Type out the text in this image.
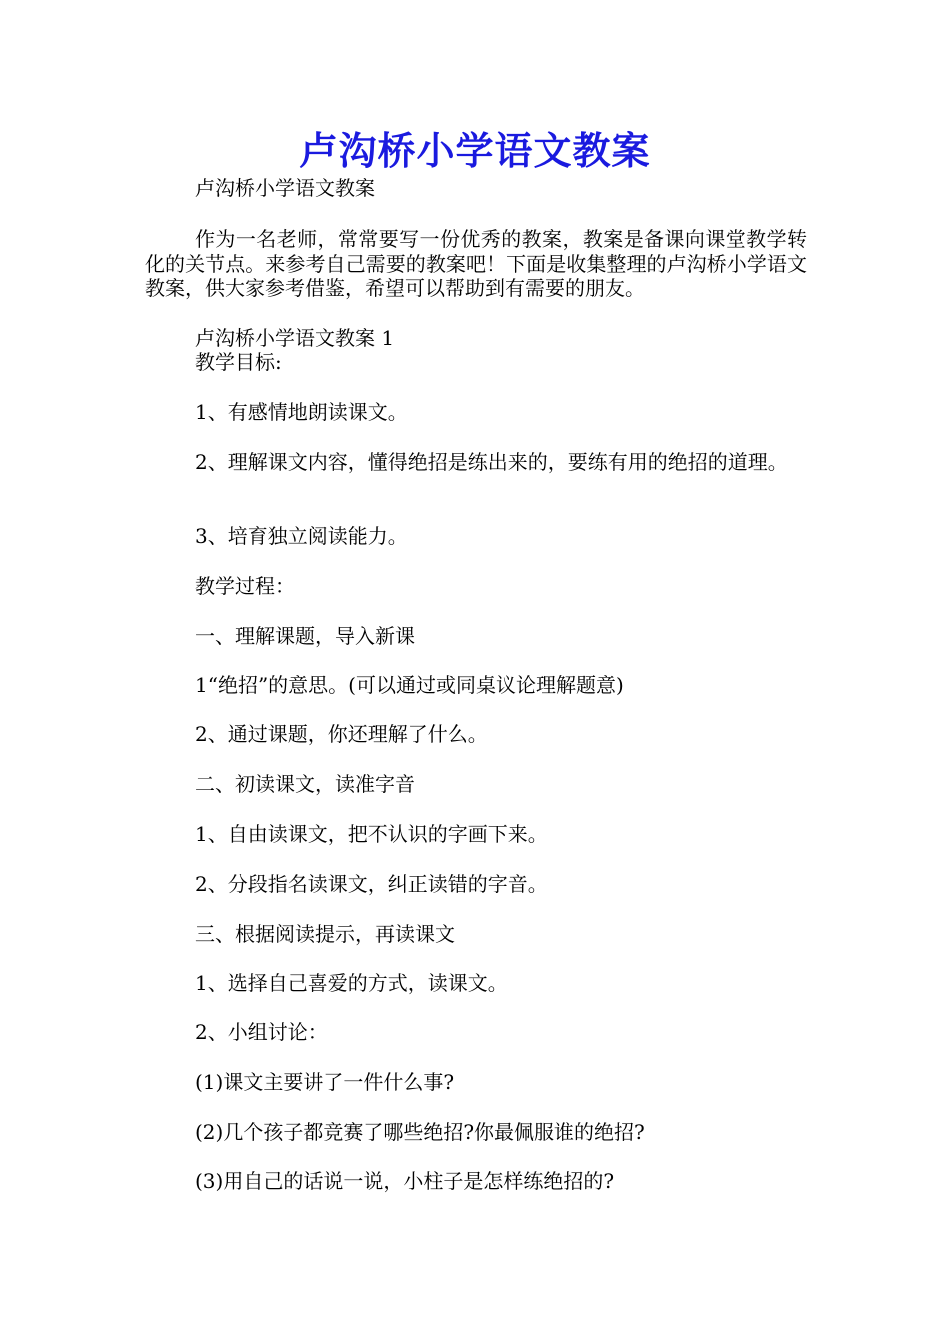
卢沟桥小学语文教案
卢沟桥小学语文教案
作为一名老师，常常要写一份优秀的教案，教案是备课向课堂教学转化的关节点。来参考自己需要的教案吧！下面是收集整理的卢沟桥小学语文教案，供大家参考借鉴，希望可以帮助到有需要的朋友。
卢沟桥小学语文教案 1
教学目标:
1、有感情地朗读课文。
2、理解课文内容，懂得绝招是练出来的，要练有用的绝招的道理。
3、培育独立阅读能力。
教学过程：
一、理解课题，导入新课
1“绝招”的意思。(可以通过或同桌议论理解题意)
2、通过课题，你还理解了什么。
二、初读课文，读准字音
1、自由读课文，把不认识的字画下来。
2、分段指名读课文，纠正读错的字音。
三、根据阅读提示，再读课文
1、选择自己喜爱的方式，读课文。
2、小组讨论：
(1)课文主要讲了一件什么事?
(2)几个孩子都竞赛了哪些绝招?你最佩服谁的绝招?
(3)用自己的话说一说，小柱子是怎样练绝招的?
